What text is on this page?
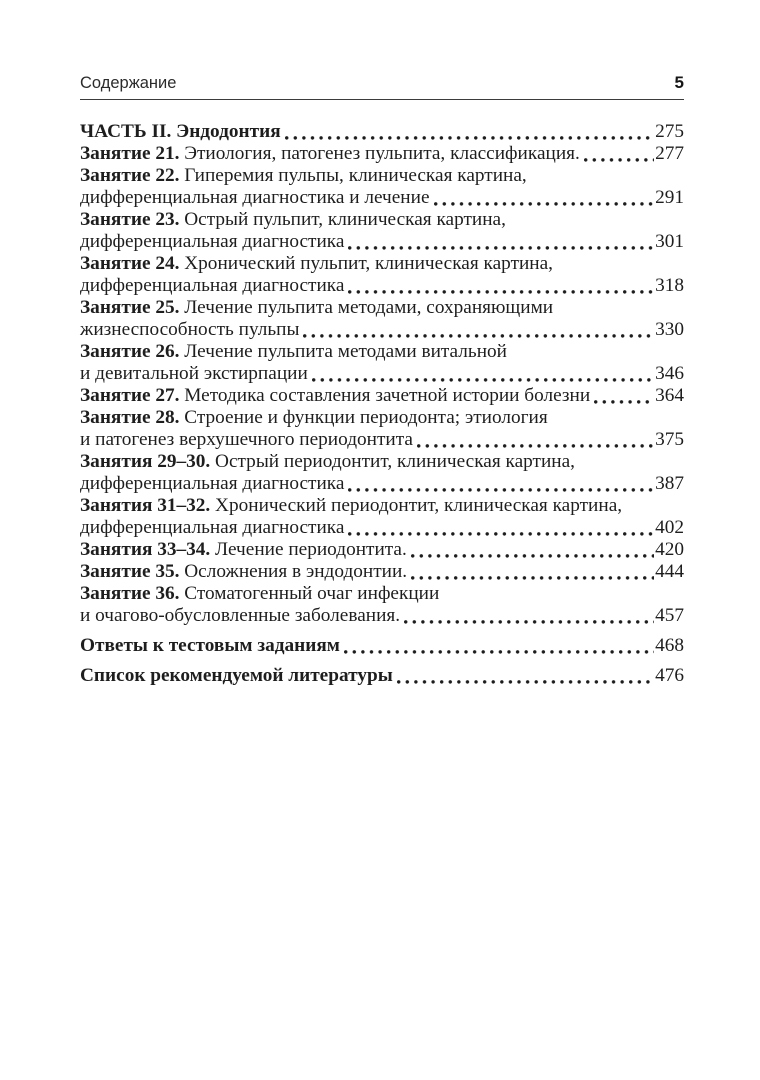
Содержание	5
ЧАСТЬ II. Эндодонтия	275
Занятие 21. Этиология, патогенез пульпита, классификация.	277
Занятие 22. Гиперемия пульпы, клиническая картина,
дифференциальная диагностика и лечение	291
Занятие 23. Острый пульпит, клиническая картина,
дифференциальная диагностика	301
Занятие 24. Хронический пульпит, клиническая картина,
дифференциальная диагностика	318
Занятие 25. Лечение пульпита методами, сохраняющими
жизнеспособность пульпы	330
Занятие 26. Лечение пульпита методами витальной
и девитальной экстирпации	346
Занятие 27. Методика составления зачетной истории болезни	364
Занятие 28. Строение и функции периодонта; этиология
и патогенез верхушечного периодонтита	375
Занятия 29–30. Острый периодонтит, клиническая картина,
дифференциальная диагностика	387
Занятия 31–32. Хронический периодонтит, клиническая картина,
дифференциальная диагностика	402
Занятия 33–34. Лечение периодонтита.	420
Занятие 35. Осложнения в эндодонтии.	444
Занятие 36. Стоматогенный очаг инфекции
и очагово-обусловленные заболевания.	457
Ответы к тестовым заданиям	468
Список рекомендуемой литературы	476
